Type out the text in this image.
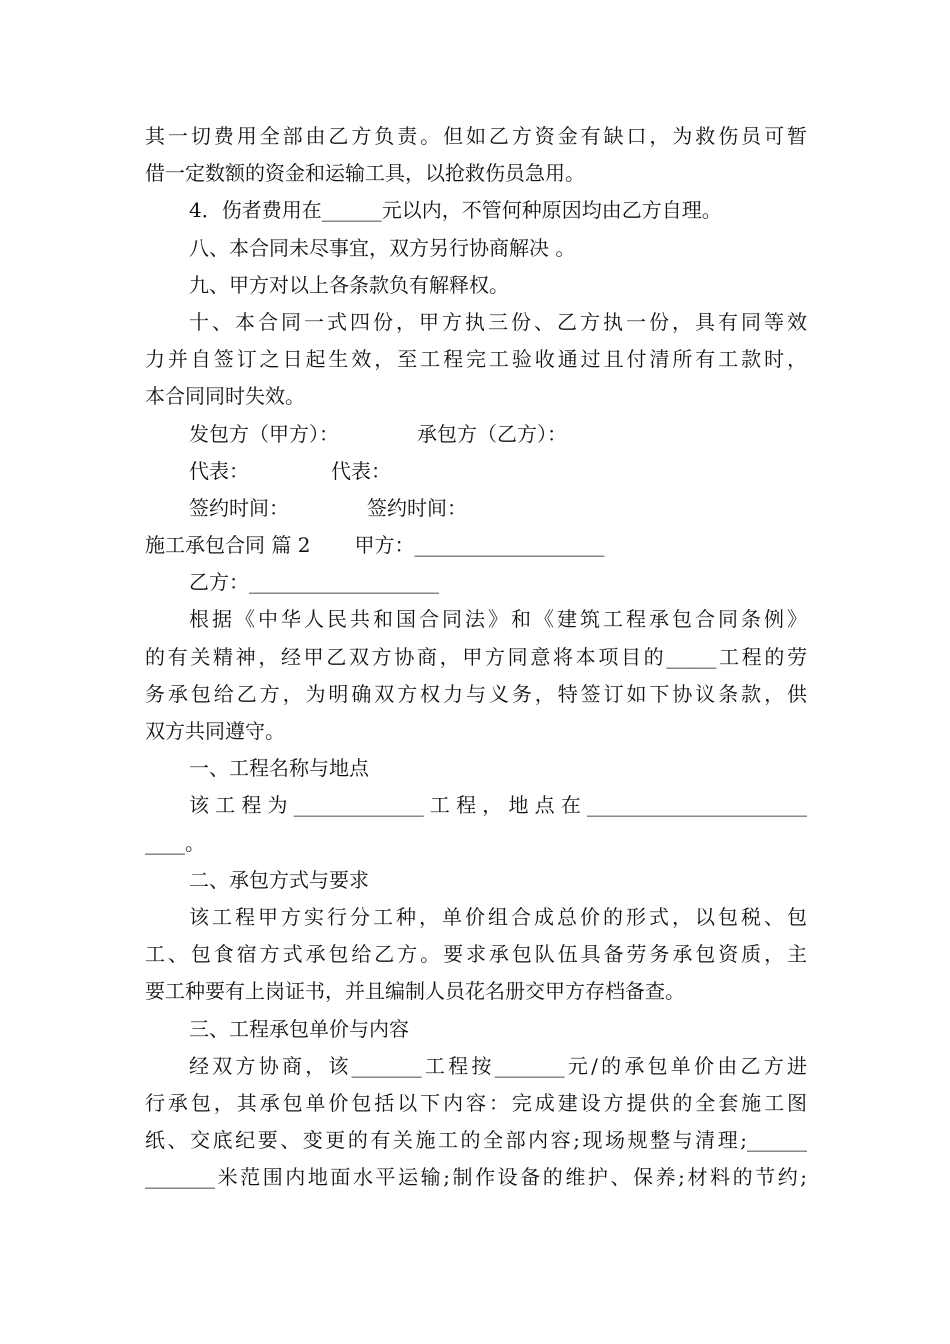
其一切费用全部由乙方负责。但如乙方资金有缺口，为救伤员可暂
借一定数额的资金和运输工具，以抢救伤员急用。
4．伤者费用在______元以内，不管何种原因均由乙方自理。
八、本合同未尽事宜，双方另行协商解决 。
九、甲方对以上各条款负有解释权。
十、本合同一式四份，甲方执三份、乙方执一份，具有同等效
力并自签订之日起生效，至工程完工验收通过且付清所有工款时，
本合同同时失效。
发包方（甲方）：	承包方（乙方）：
代表：	代表：
签约时间：	签约时间：
施工承包合同 篇 2 甲方：___________________
乙方：___________________
根据《中华人民共和国合同法》和《建筑工程承包合同条例》
的有关精神，经甲乙双方协商，甲方同意将本项目的_____工程的劳
务承包给乙方，为明确双方权力与义务，特签订如下协议条款，供
双方共同遵守。
一、工程名称与地点
该工程为_____________工程，地点在______________________
____。
二、承包方式与要求
该工程甲方实行分工种，单价组合成总价的形式，以包税、包
工、包食宿方式承包给乙方。要求承包队伍具备劳务承包资质，主
要工种要有上岗证书，并且编制人员花名册交甲方存档备查。
三、工程承包单价与内容
经双方协商，该_______工程按_______元/的承包单价由乙方进
行承包，其承包单价包括以下内容：完成建设方提供的全套施工图
纸、交底纪要、变更的有关施工的全部内容;现场规整与清理;______
_______米范围内地面水平运输;制作设备的维护、保养;材料的节约;
